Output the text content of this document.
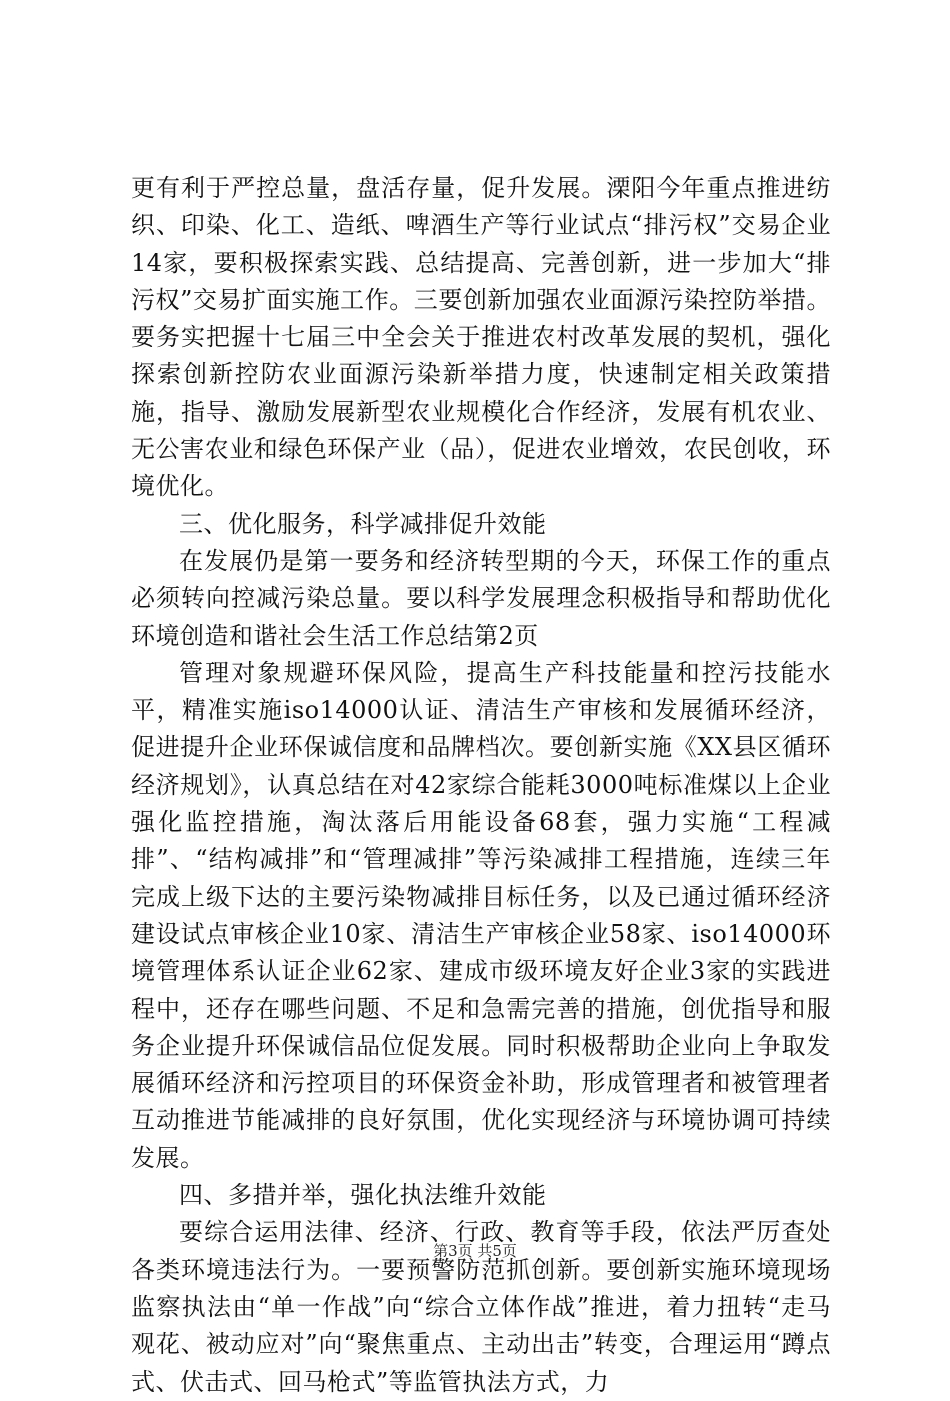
更有利于严控总量，盘活存量，促升发展。溧阳今年重点推进纺织、印染、化工、造纸、啤酒生产等行业试点“排污权”交易企业14家，要积极探索实践、总结提高、完善创新，进一步加大“排污权”交易扩面实施工作。三要创新加强农业面源污染控防举措。要务实把握十七届三中全会关于推进农村改革发展的契机，强化探索创新控防农业面源污染新举措力度，快速制定相关政策措施，指导、激励发展新型农业规模化合作经济，发展有机农业、无公害农业和绿色环保产业（品），促进农业增效，农民创收，环境优化。

三、优化服务，科学减排促升效能

在发展仍是第一要务和经济转型期的今天，环保工作的重点必须转向控减污染总量。要以科学发展理念积极指导和帮助优化环境创造和谐社会生活工作总结第2页

管理对象规避环保风险，提高生产科技能量和控污技能水平，精准实施iso14000认证、清洁生产审核和发展循环经济，促进提升企业环保诚信度和品牌档次。要创新实施《XX县区循环经济规划》，认真总结在对42家综合能耗3000吨标准煤以上企业强化监控措施，淘汰落后用能设备68套，强力实施“工程减排”、“结构减排”和“管理减排”等污染减排工程措施，连续三年完成上级下达的主要污染物减排目标任务，以及已通过循环经济建设试点审核企业10家、清洁生产审核企业58家、iso14000环境管理体系认证企业62家、建成市级环境友好企业3家的实践进程中，还存在哪些问题、不足和急需完善的措施，创优指导和服务企业提升环保诚信品位促发展。同时积极帮助企业向上争取发展循环经济和污控项目的环保资金补助，形成管理者和被管理者互动推进节能减排的良好氛围，优化实现经济与环境协调可持续发展。

四、多措并举，强化执法维升效能

要综合运用法律、经济、行政、教育等手段，依法严厉查处各类环境违法行为。一要预警防范抓创新。要创新实施环境现场监察执法由“单一作战”向“综合立体作战”推进，着力扭转“走马观花、被动应对”向“聚焦重点、主动出击”转变，合理运用“蹲点式、伏击式、回马枪式”等监管执法方式，力

第3页 共5页
